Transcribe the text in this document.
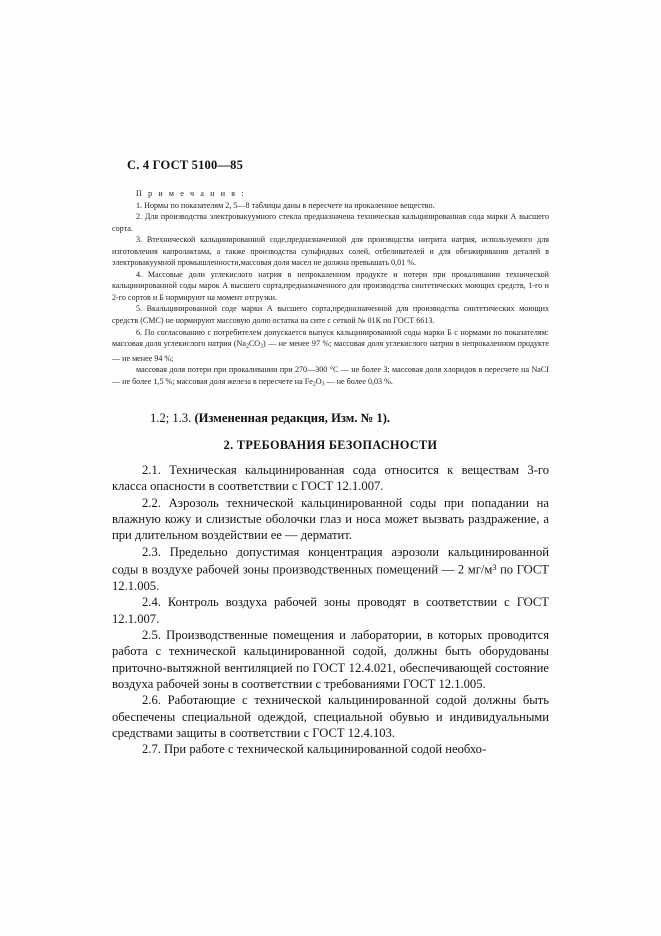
С. 4 ГОСТ 5100—85

П р и м е ч а н и я :

1. Нормы по показателям 2, 5—8 таблицы даны в пересчете на прокаленное вещество.

2. Для производства электровакуумного стекла предназначена техническая кальцинированная сода марки А высшего сорта.

3. Втехнической кальцинированной соде,предназначенной для производства нитрита натрия, используемого для изготовления капролактама, а также производства сульфидных солей, отбеливателей и для обезжиривания деталей в электровакуумной промышленности,массовая доля масел не должна превышать 0,01 %.

4. Массовые доли углекислого натрия в непрокаленном продукте и потери при прокаливании технической кальцинированной соды марок А высшего сорта,предназначенного для производства синтетических моющих средств, 1-го и 2-го сортов и Б нормируют на момент отгрузки.

5. Вкальцинированной соде марки А высшего сорта,предназначенной для производства синтетических моющих средств (СМС) не нормируют массовую долю остатка на сите с сеткой № 01К по ГОСТ 6613.

6. По согласованию с потребителем допускается выпуск кальцинированной соды марки Б с нормами по показателям: массовая доля углекислого натрия $(Na_2CO_3)$ — не менее 97 %; массовая доля углекислого натрия в непрокаленном продукте — не менее 94 %;

массовая доля потери при прокаливании при 270—300 °C — не более 3; массовая доля хлоридов в пересчете на NaCI — не более 1,5 %; массовая доля железа в пересчете на $Fe_2O_3$ — не более 0,03 %.

1.2; 1.3. (Измененная редакция, Изм. № 1).
2. ТРЕБОВАНИЯ БЕЗОПАСНОСТИ

2.1. Техническая кальцинированная сода относится к веществам 3-го класса опасности в соответствии с ГОСТ 12.1.007.

2.2. Аэрозоль технической кальцинированной соды при попадании на влажную кожу и слизистые оболочки глаз и носа может вызвать раздражение, а при длительном воздействии ее — дерматит.

2.3. Предельно допустимая концентрация аэрозоли кальцинированной соды в воздухе рабочей зоны производственных помещений — 2 $мг/м^3$ по ГОСТ 12.1.005.

2.4. Контроль воздуха рабочей зоны проводят в соответствии с ГОСТ 12.1.007.

2.5. Производственные помещения и лаборатории, в которых проводится работа с технической кальцинированной содой, должны быть оборудованы приточно-вытяжной вентиляцией по ГОСТ 12.4.021, обеспечивающей состояние воздуха рабочей зоны в соответствии с требованиями ГОСТ 12.1.005.

2.6. Работающие с технической кальцинированной содой должны быть обеспечены специальной одеждой, специальной обувью и индивидуальными средствами защиты в соответствии с ГОСТ 12.4.103.

2.7. При работе с технической кальцинированной содой необхо-
